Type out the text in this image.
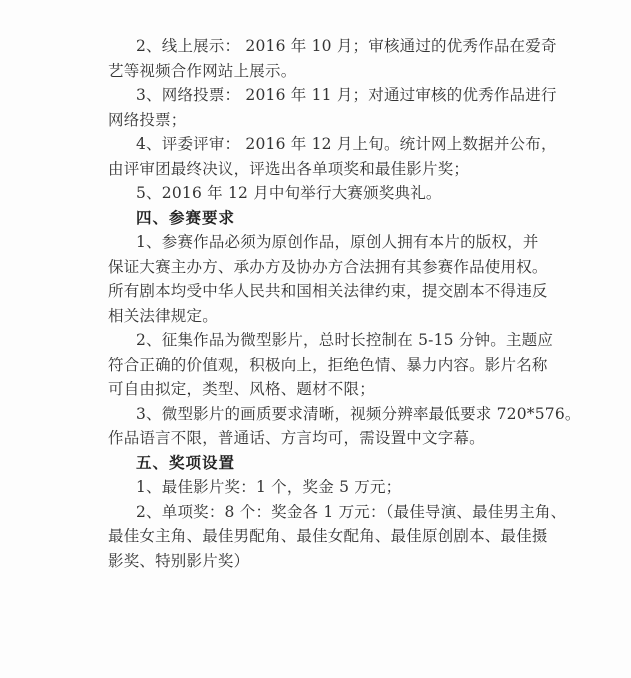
2、线上展示： 2016 年 10 月；审核通过的优秀作品在爱奇

艺等视频合作网站上展示。

3、网络投票： 2016 年 11 月；对通过审核的优秀作品进行

网络投票；

4、评委评审： 2016 年 12 月上旬。统计网上数据并公布，

由评审团最终决议，评选出各单项奖和最佳影片奖；

5、2016 年 12 月中旬举行大赛颁奖典礼。

四、参赛要求

1、参赛作品必须为原创作品，原创人拥有本片的版权，并

保证大赛主办方、承办方及协办方合法拥有其参赛作品使用权。

所有剧本均受中华人民共和国相关法律约束，提交剧本不得违反

相关法律规定。

2、征集作品为微型影片，总时长控制在 5-15 分钟。主题应

符合正确的价值观，积极向上，拒绝色情、暴力内容。影片名称

可自由拟定，类型、风格、题材不限；

3、微型影片的画质要求清晰，视频分辨率最低要求 720*576。

作品语言不限，普通话、方言均可，需设置中文字幕。

五、奖项设置

1、最佳影片奖：1 个，奖金 5 万元；

2、单项奖：8 个：奖金各 1 万元：（最佳导演、最佳男主角、

最佳女主角、最佳男配角、最佳女配角、最佳原创剧本、最佳摄

影奖、特别影片奖）
